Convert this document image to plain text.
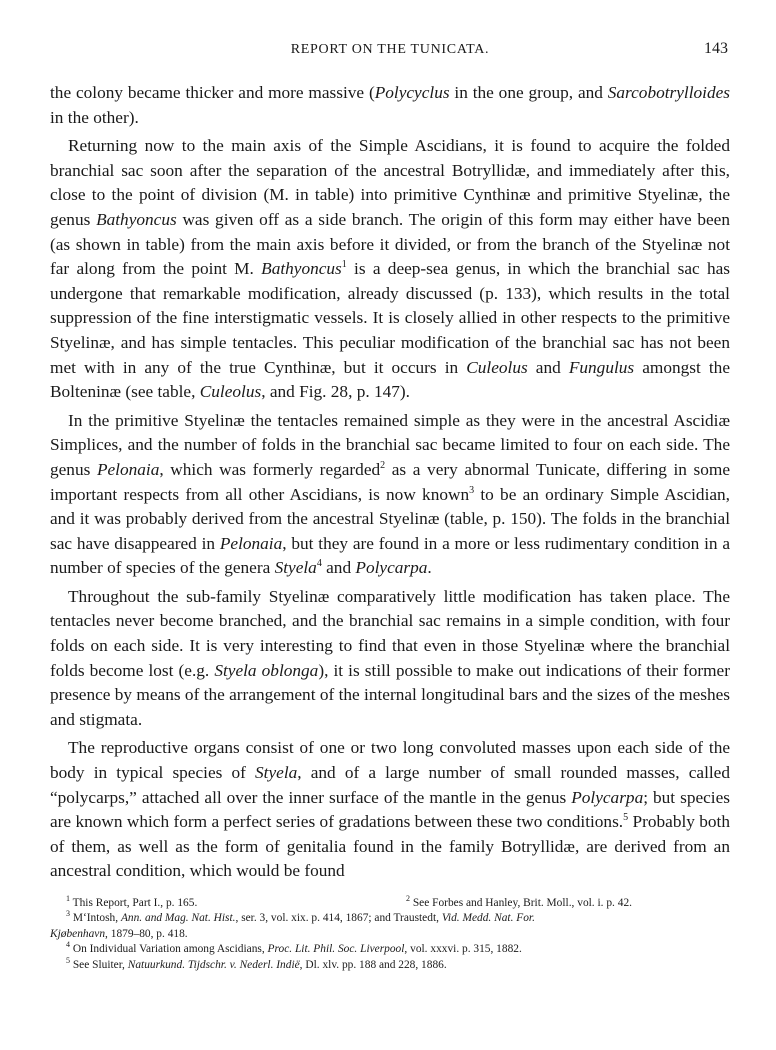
REPORT ON THE TUNICATA.	143

the colony became thicker and more massive (Polycyclus in the one group, and Sarcobotrylloides in the other).

Returning now to the main axis of the Simple Ascidians, it is found to acquire the folded branchial sac soon after the separation of the ancestral Botryllidæ, and immediately after this, close to the point of division (M. in table) into primitive Cynthinæ and primitive Styelinæ, the genus Bathyoncus was given off as a side branch. The origin of this form may either have been (as shown in table) from the main axis before it divided, or from the branch of the Styelinæ not far along from the point M. Bathyoncus$^1$ is a deep-sea genus, in which the branchial sac has undergone that remarkable modification, already discussed (p. 133), which results in the total suppression of the fine interstigmatic vessels. It is closely allied in other respects to the primitive Styelinæ, and has simple tentacles. This peculiar modification of the branchial sac has not been met with in any of the true Cynthinæ, but it occurs in Culeolus and Fungulus amongst the Bolteninæ (see table, Culeolus, and Fig. 28, p. 147).

In the primitive Styelinæ the tentacles remained simple as they were in the ancestral Ascidiæ Simplices, and the number of folds in the branchial sac became limited to four on each side. The genus Pelonaia, which was formerly regarded$^2$ as a very abnormal Tunicate, differing in some important respects from all other Ascidians, is now known$^3$ to be an ordinary Simple Ascidian, and it was probably derived from the ancestral Styelinæ (table, p. 150). The folds in the branchial sac have disappeared in Pelonaia, but they are found in a more or less rudimentary condition in a number of species of the genera Styela$^4$ and Polycarpa.

Throughout the sub-family Styelinæ comparatively little modification has taken place. The tentacles never become branched, and the branchial sac remains in a simple condition, with four folds on each side. It is very interesting to find that even in those Styelinæ where the branchial folds become lost (e.g. Styela oblonga), it is still possible to make out indications of their former presence by means of the arrangement of the internal longitudinal bars and the sizes of the meshes and stigmata.

The reproductive organs consist of one or two long convoluted masses upon each side of the body in typical species of Styela, and of a large number of small rounded masses, called “polycarps,” attached all over the inner surface of the mantle in the genus Polycarpa; but species are known which form a perfect series of gradations between these two conditions.$^5$ Probably both of them, as well as the form of genitalia found in the family Botryllidæ, are derived from an ancestral condition, which would be found

$^1$ This Report, Part I., p. 165.	$^2$ See Forbes and Hanley, Brit. Moll., vol. i. p. 42.
$^3$ M‘Intosh, Ann. and Mag. Nat. Hist., ser. 3, vol. xix. p. 414, 1867; and Traustedt, Vid. Medd. Nat. For.
Kjøbenhavn, 1879–80, p. 418.
$^4$ On Individual Variation among Ascidians, Proc. Lit. Phil. Soc. Liverpool, vol. xxxvi. p. 315, 1882.
$^5$ See Sluiter, Natuurkund. Tijdschr. v. Nederl. Indië, Dl. xlv. pp. 188 and 228, 1886.
